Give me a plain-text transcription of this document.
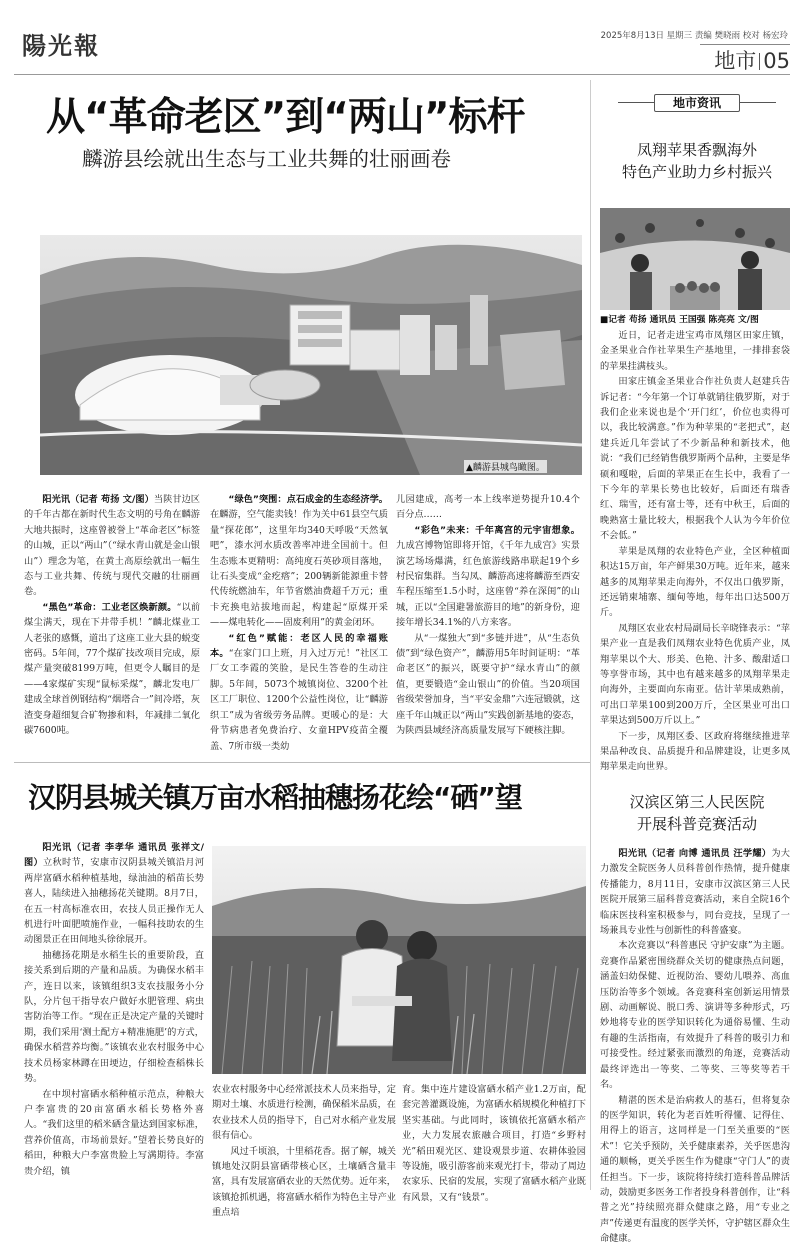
陽光報	2025年8月13日 星期三 责编 樊晓雨 校对 杨宏玲
地市 05
从“革命老区”到“两山”标杆
麟游县绘就出生态与工业共舞的壮丽画卷
▲麟游县城鸟瞰图。

阳光讯（记者 苟扬 文/图）当陕甘边区的千年古都在新时代生态文明的号角在麟游大地共振时，这座曾被誉上“革命老区”标签的山城，正以“两山”（“绿水青山就是金山银山”）理念为笔，在黄土高原绘就出一幅生态与工业共舞、传统与现代交融的壮丽画卷。

“黑色”革命：工业老区焕新颜。“以前煤尘满天，现在下井带手机！”麟北煤业工人老张的感慨，道出了这座工业大县的蜕变密码。5年间，77个煤矿技改项目完成，原煤产量突破8199万吨，但更令人瞩目的是——4家煤矿实现“鼠标采煤”，麟北发电厂建成全球首例钢结构“烟塔合一”间冷塔，灰渣变身超细复合矿物掺和料，年减排二氧化碳7600吨。

“绿色”突围：点石成金的生态经济学。在麟游，空气能卖钱！作为关中61县空气质量“探花郎”，这里年均340天呼吸“天然氧吧”，漆水河水质改善率冲进全国前十。但生态账本更精明：高纯度石英砂项目落地，让石头变成“金疙瘩”；200辆新能源重卡替代传统燃油车，年节省燃油费超千万元；重卡充换电站拔地而起，构建起“原煤开采——煤电转化——固废利用”的黄金闭环。

“红色”赋能：老区人民的幸福账本。“在家门口上班，月入过万元！”社区工厂女工李霞的笑脸，是民生答卷的生动注脚。5年间，5073个城镇岗位、3200个社区工厂职位、1200个公益性岗位，让“麟游织工”成为省级劳务品牌。更暖心的是：大骨节病患者免费治疗、女童HPV疫苗全覆盖、7所市级一类幼

儿园建成，高考一本上线率逆势提升10.4个百分点……

“彩色”未来：千年离宫的元宇宙想象。九成宫博物馆即将开馆，《千年九成宫》实景演艺场场爆满，红色旅游线路串联起19个乡村民宿集群。当勾凤、麟游高速将麟游至西安车程压缩至1.5小时，这座曾“养在深闺”的山城，正以“全国避暑旅游目的地”的新身份，迎接年增长34.1%的八方来客。

从“一煤独大”到“多链并进”，从“生态负债”到“绿色资产”，麟游用5年时间证明：“革命老区”的振兴，既要守护“绿水青山”的颜值，更要锻造“金山银山”的价值。当20项国省级荣誉加身，当“平安金鼎”六连冠锻就，这座千年山城正以“两山”实践创新基地的姿态，为陕西县域经济高质量发展写下硬核注脚。

汉阴县城关镇万亩水稻抽穗扬花绘“硒”望

阳光讯（记者 李孝华 通讯员 张祥文/图）立秋时节，安康市汉阴县城关镇沿月河两岸富硒水稻种植基地，绿油油的稻苗长势喜人，陆续进入抽穗扬花关键期。8月7日，在五一村高标准农田，农技人员正操作无人机进行叶面肥喷施作业，一幅科技助农的生动图景正在田间地头徐徐展开。

抽穗扬花期是水稻生长的重要阶段，直接关系到后期的产量和品质。为确保水稻丰产，连日以来，该镇组织3支农技服务小分队，分片包干指导农户做好水肥管理、病虫害防治等工作。“现在正是决定产量的关键时期，我们采用‘测土配方+精准施肥’的方式，确保水稻营养均衡。”该镇农业农村服务中心技术员杨家林蹲在田埂边，仔细检查稻株长势。

在中坝村富硒水稻种植示范点，种粮大户李富贵的20亩富硒水稻长势格外喜人。“我们这里的稻米硒含量达到国家标准，营养价值高，市场前景好。”望着长势良好的稻田，种粮大户李富贵脸上写满期待。李富贵介绍，镇

农业农村服务中心经常派技术人员来指导，定期对土壤、水质进行检测，确保稻米品质，在农业技术人员的指导下，自己对水稻产业发展很有信心。

风过千顷浪，十里稻花香。据了解，城关镇地处汉阴县富硒带核心区，土壤硒含量丰富，具有发展富硒农业的天然优势。近年来，该镇抢抓机遇，将富硒水稻作为特色主导产业重点培

育。集中连片建设富硒水稻产业1.2万亩，配套完善灌溉设施，为富硒水稻规模化种植打下坚实基础。与此同时，该镇依托富硒水稻产业，大力发展农旅融合项目，打造“乡野村光”稻田观光区、建设观景步道、农耕体验园等设施，吸引游客前来观光打卡，带动了周边农家乐、民宿的发展，实现了富硒水稻产业既有风景，又有“钱景”。

地市资讯
凤翔苹果香飘海外
特色产业助力乡村振兴
■记者 苟扬 通讯员 王国强 陈亮亮 文/图

近日，记者走进宝鸡市凤翔区田家庄镇，金圣果业合作社苹果生产基地里，一排排套袋的苹果挂满枝头。

田家庄镇金圣果业合作社负责人赵建兵告诉记者：“今年第一个订单就销往俄罗斯，对于我们企业来说也是个‘开门红’，价位也卖得可以，我比较满意。”作为种苹果的“老把式”，赵建兵近几年尝试了不少新品种和新技术，他说：“我们已经销售俄罗斯两个品种，主要是华硕和嘎啦，后面的苹果正在生长中，我看了一下今年的苹果长势也比较好，后面还有瑞香红、瑞雪，还有富士等，还有中秋王，后面的晚熟富士量比较大，根据我个人认为今年价位不会低。”

苹果是凤翔的农业特色产业，全区种植面积达15万亩，年产鲜果30万吨。近年来，越来越多的凤翔苹果走向海外，不仅出口俄罗斯，还远销柬埔寨、缅甸等地，每年出口达500万斤。

凤翔区农业农村局副局长辛晓锋表示：“苹果产业一直是我们凤翔农业特色优质产业，凤翔苹果以个大、形美、色艳、汁多、酸甜适口等享誉市场，其中也有越来越多的凤翔苹果走向海外，主要面向东南亚。估计苹果成熟前，可出口苹果100到200万斤，全区果业可出口苹果达到500万斤以上。”

下一步，凤翔区委、区政府将继续推进苹果品种改良、品质提升和品牌建设，让更多凤翔苹果走向世界。

汉滨区第三人民医院
开展科普竞赛活动

阳光讯（记者 向博 通讯员 汪学耀）为大力激发全院医务人员科普创作热情，提升健康传播能力，8月11日，安康市汉滨区第三人民医院开展第三届科普竞赛活动，来自全院16个临床医技科室积极参与，同台竞技，呈现了一场兼具专业性与创新性的科普盛宴。

本次竞赛以“科普惠民 守护安康”为主题。竞赛作品紧密围绕群众关切的健康热点问题，涵盖妇幼保健、近视防治、婴幼儿喂养、高血压防治等多个领域。各竞赛科室创新运用情景剧、动画解说、脱口秀、演讲等多种形式，巧妙地将专业的医学知识转化为通俗易懂、生动有趣的生活指南，有效提升了科普的吸引力和可接受性。经过紧张而激烈的角逐，竞赛活动最终评选出一等奖、二等奖、三等奖等若干名。

精湛的医术是治病救人的基石，但将复杂的医学知识，转化为老百姓听得懂、记得住、用得上的语言，这同样是一门至关重要的“医术”！它关乎预防，关乎健康素养，关乎医患沟通的顺畅，更关乎医生作为健康“守门人”的责任担当。下一步，该院将持续打造科普品牌活动，鼓励更多医务工作者投身科普创作，让“科普之光”持续照亮群众健康之路，用“专业之声”传递更有温度的医学关怀，守护辖区群众生命健康。
